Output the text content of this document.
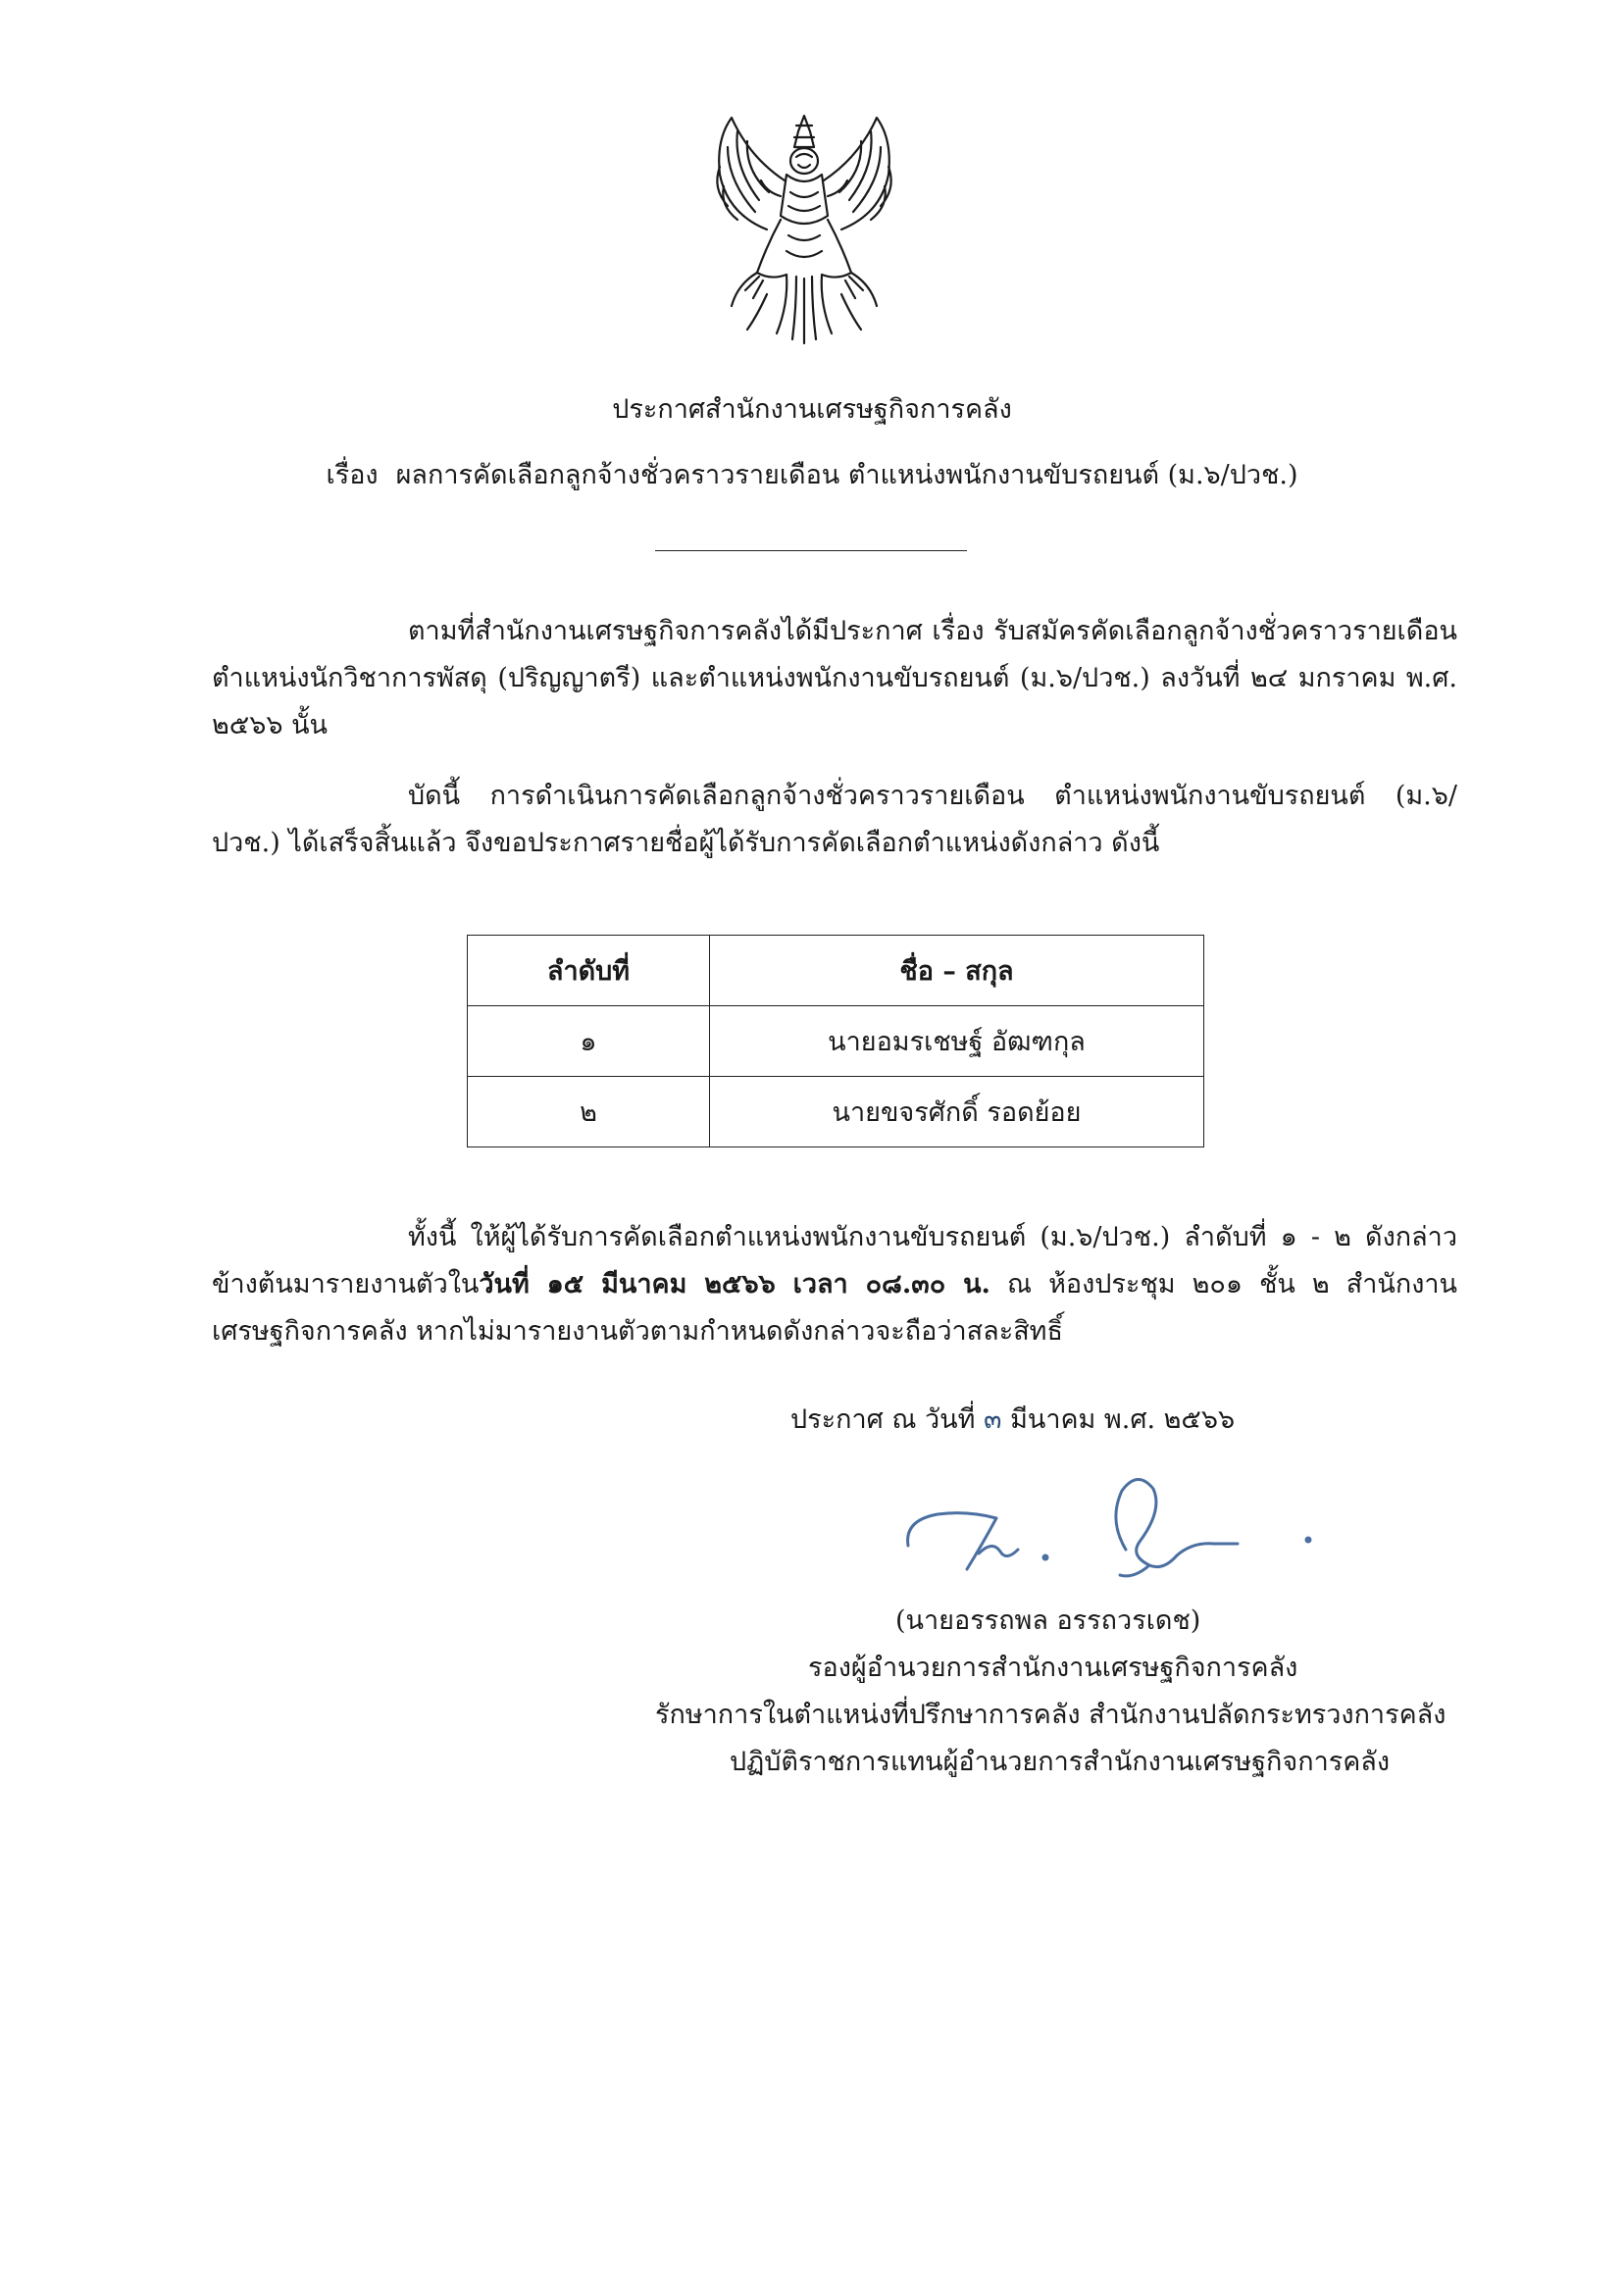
ประกาศสำนักงานเศรษฐกิจการคลัง
เรื่อง ผลการคัดเลือกลูกจ้างชั่วคราวรายเดือน ตำแหน่งพนักงานขับรถยนต์ (ม.๖/ปวช.)
ตามที่สำนักงานเศรษฐกิจการคลังได้มีประกาศ เรื่อง รับสมัครคัดเลือกลูกจ้างชั่วคราวรายเดือน ตำแหน่งนักวิชาการพัสดุ (ปริญญาตรี) และตำแหน่งพนักงานขับรถยนต์ (ม.๖/ปวช.) ลงวันที่ ๒๔ มกราคม พ.ศ. ๒๕๖๖ นั้น
บัดนี้ การดำเนินการคัดเลือกลูกจ้างชั่วคราวรายเดือน ตำแหน่งพนักงานขับรถยนต์ (ม.๖/ปวช.) ได้เสร็จสิ้นแล้ว จึงขอประกาศรายชื่อผู้ได้รับการคัดเลือกตำแหน่งดังกล่าว ดังนี้
ลำดับที่	ชื่อ – สกุล
๑	นายอมรเชษฐ์ อัฒฑกุล
๒	นายขจรศักดิ์ รอดย้อย
ทั้งนี้ ให้ผู้ได้รับการคัดเลือกตำแหน่งพนักงานขับรถยนต์ (ม.๖/ปวช.) ลำดับที่ ๑ - ๒ ดังกล่าวข้างต้นมารายงานตัวในวันที่ ๑๕ มีนาคม ๒๕๖๖ เวลา ๐๘.๓๐ น. ณ ห้องประชุม ๒๐๑ ชั้น ๒ สำนักงานเศรษฐกิจการคลัง หากไม่มารายงานตัวตามกำหนดดังกล่าวจะถือว่าสละสิทธิ์
ประกาศ ณ วันที่ ๓ มีนาคม พ.ศ. ๒๕๖๖
(นายอรรถพล อรรถวรเดช)
รองผู้อำนวยการสำนักงานเศรษฐกิจการคลัง
รักษาการในตำแหน่งที่ปรึกษาการคลัง สำนักงานปลัดกระทรวงการคลัง
ปฏิบัติราชการแทนผู้อำนวยการสำนักงานเศรษฐกิจการคลัง
